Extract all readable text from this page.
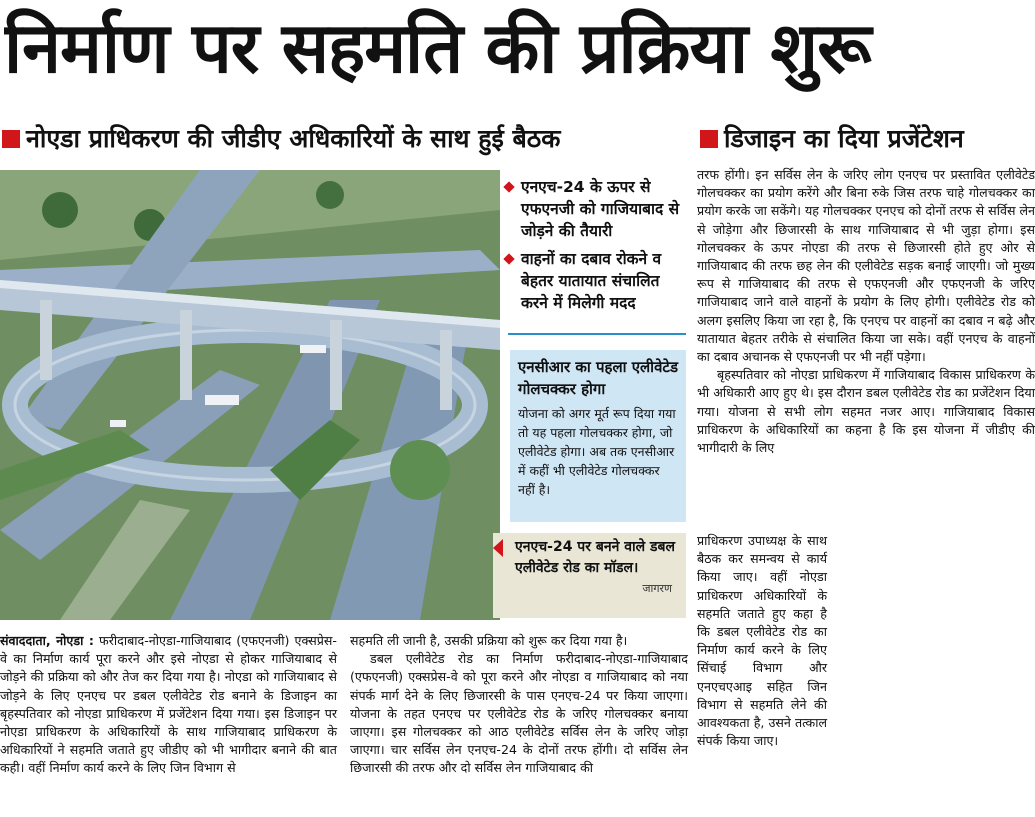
निर्माण पर सहमति की प्रक्रिया शुरू
नोएडा प्राधिकरण की जीडीए अधिकारियों के साथ हुई बैठक	डिजाइन का दिया प्रजेंटेशन
एनएच-24 के ऊपर से एफएनजी को गाजियाबाद से जोड़ने की तैयारी
वाहनों का दबाव रोकने व बेहतर यातायात संचालित करने में मिलेगी मदद
एनसीआर का पहला एलीवेटेड गोलचक्कर होगा
योजना को अगर मूर्त रूप दिया गया तो यह पहला गोलचक्कर होगा, जो एलीवेटेड होगा। अब तक एनसीआर में कहीं भी एलीवेटेड गोलचक्कर नहीं है।
एनएच-24 पर बनने वाले डबल एलीवेटेड रोड का मॉडल।
जागरण

संवाददाता, नोएडा : फरीदाबाद-नोएडा-गाजियाबाद (एफएनजी) एक्सप्रेस-वे का निर्माण कार्य पूरा करने और इसे नोएडा से होकर गाजियाबाद से जोड़ने की प्रक्रिया को और तेज कर दिया गया है। नोएडा को गाजियाबाद से जोड़ने के लिए एनएच पर डबल एलीवेटेड रोड बनाने के डिजाइन का बृहस्पतिवार को नोएडा प्राधिकरण में प्रजेंटेशन दिया गया। इस डिजाइन पर नोएडा प्राधिकरण के अधिकारियों के साथ गाजियाबाद प्राधिकरण के अधिकारियों ने सहमति जताते हुए जीडीए को भी भागीदार बनाने की बात कही। वहीं निर्माण कार्य करने के लिए जिन विभाग से

सहमति ली जानी है, उसकी प्रक्रिया को शुरू कर दिया गया है।

डबल एलीवेटेड रोड का निर्माण फरीदाबाद-नोएडा-गाजियाबाद (एफएनजी) एक्सप्रेस-वे को पूरा करने और नोएडा व गाजियाबाद को नया संपर्क मार्ग देने के लिए छिजारसी के पास एनएच-24 पर किया जाएगा। योजना के तहत एनएच पर एलीवेटेड रोड के जरिए गोलचक्कर बनाया जाएगा। इस गोलचक्कर को आठ एलीवेटेड सर्विस लेन के जरिए जोड़ा जाएगा। चार सर्विस लेन एनएच-24 के दोनों तरफ होंगी। दो सर्विस लेन छिजारसी की तरफ और दो सर्विस लेन गाजियाबाद की

तरफ होंगी। इन सर्विस लेन के जरिए लोग एनएच पर प्रस्तावित एलीवेटेड गोलचक्कर का प्रयोग करेंगे और बिना रुके जिस तरफ चाहे गोलचक्कर का प्रयोग करके जा सकेंगे। यह गोलचक्कर एनएच को दोनों तरफ से सर्विस लेन से जोड़ेगा और छिजारसी के साथ गाजियाबाद से भी जुड़ा होगा। इस गोलचक्कर के ऊपर नोएडा की तरफ से छिजारसी होते हुए ओर से गाजियाबाद की तरफ छह लेन की एलीवेटेड सड़क बनाई जाएगी। जो मुख्य रूप से गाजियाबाद की तरफ से एफएनजी और एफएनजी के जरिए गाजियाबाद जाने वाले वाहनों के प्रयोग के लिए होगी। एलीवेटेड रोड को अलग इसलिए किया जा रहा है, कि एनएच पर वाहनों का दबाव न बढ़े और यातायात बेहतर तरीके से संचालित किया जा सके। वहीं एनएच के वाहनों का दबाव अचानक से एफएनजी पर भी नहीं पड़ेगा।

बृहस्पतिवार को नोएडा प्राधिकरण में गाजियाबाद विकास प्राधिकरण के भी अधिकारी आए हुए थे। इस दौरान डबल एलीवेटेड रोड का प्रजेंटेशन दिया गया। योजना से सभी लोग सहमत नजर आए। गाजियाबाद विकास प्राधिकरण के अधिकारियों का कहना है कि इस योजना में जीडीए की भागीदारी के लिए

प्राधिकरण उपाध्यक्ष के साथ बैठक कर समन्वय से कार्य किया जाए। वहीं नोएडा प्राधिकरण अधिकारियों के सहमति जताते हुए कहा है कि डबल एलीवेटेड रोड का निर्माण कार्य करने के लिए सिंचाई विभाग और एनएचएआइ सहित जिन विभाग से सहमति लेने की आवश्यकता है, उसने तत्काल संपर्क किया जाए।
